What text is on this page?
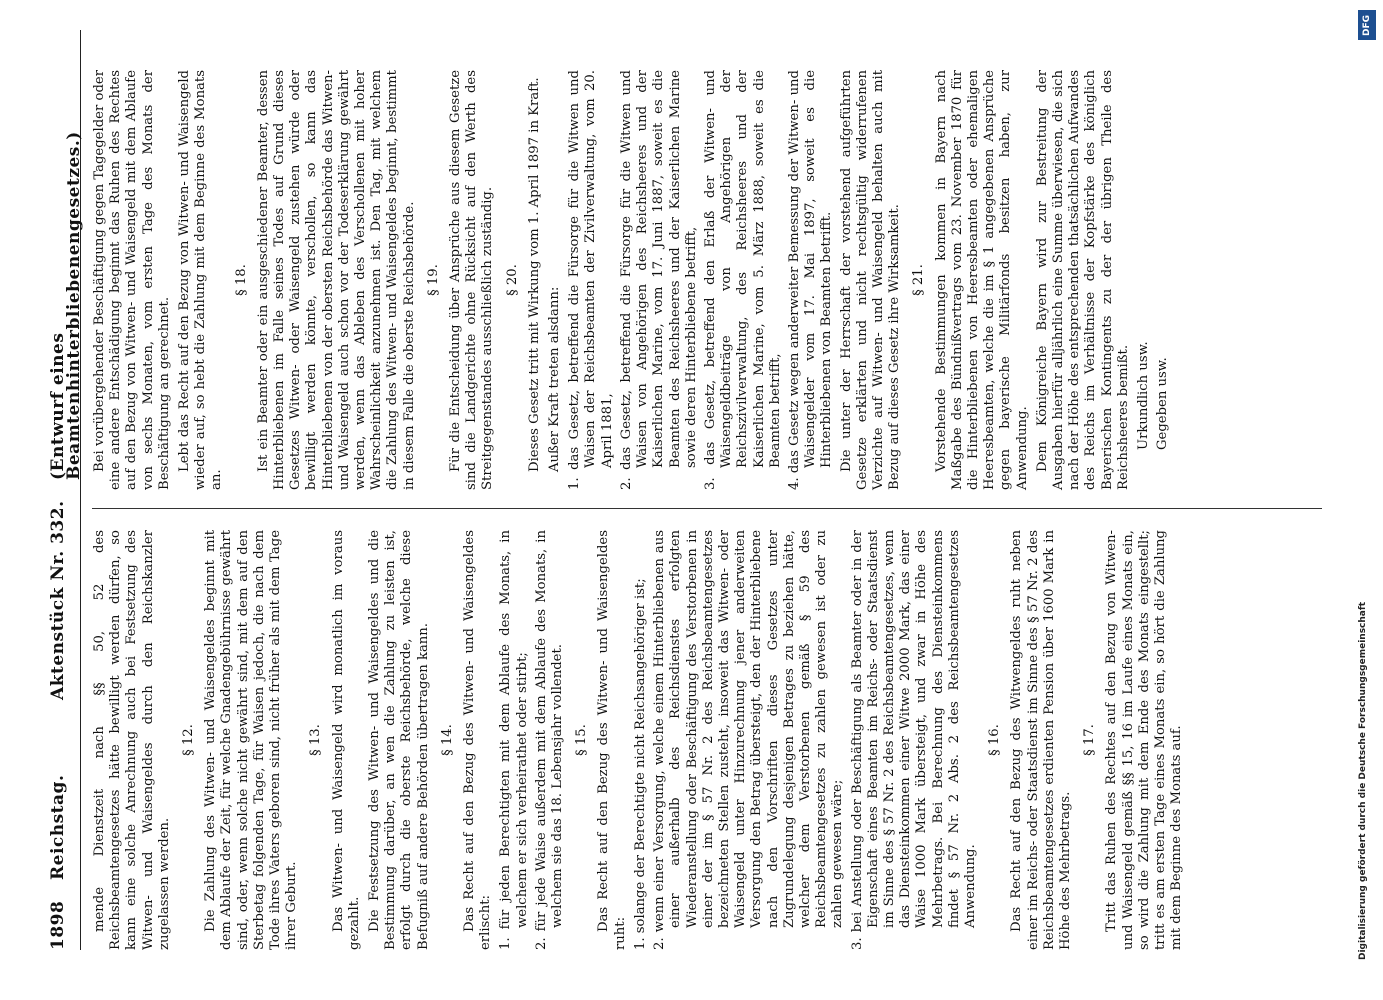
1898
Reichstag.
Aktenstück Nr. 332.
(Entwurf eines Beamtenhinterbliebenengesetzes.)
mende Dienstzeit nach §§ 50, 52 des Reichsbeamtengesetzes hätte bewilligt werden dürfen, so kann eine solche Anrechnung auch bei Festsetzung des Witwen- und Waisengeldes durch den Reichskanzler zugelassen werden.
§ 12. Die Zahlung des Witwen- und Waisengeldes beginnt mit dem Ablaufe der Zeit, für welche Gnadengebührnisse gewährt sind, oder, wenn solche nicht gewährt sind, mit dem auf den Sterbetag folgenden Tage, für Waisen jedoch, die nach dem Tode ihres Vaters geboren sind, nicht früher als mit dem Tage ihrer Geburt.
§ 13. Das Witwen- und Waisengeld wird monatlich im voraus gezahlt. Die Festsetzung des Witwen- und Waisengeldes und die Bestimmung darüber, an wen die Zahlung zu leisten ist, erfolgt durch die oberste Reichsbehörde, welche diese Befugniß auf andere Behörden übertragen kann. § 14. Das Recht auf den Bezug des Witwen- und Waisengeldes erlischt: 1. für jeden Berechtigten mit dem Ablaufe des Monats, in welchem er sich verheirathet oder stirbt; 2. für jede Waise außerdem mit dem Ablaufe des Monats, in welchem sie das 18. Lebensjahr vollendet. § 15. Das Recht auf den Bezug des Witwen- und Waisengeldes ruht: 1. solange der Berechtigte nicht Reichsangehöriger ist; 2. wenn einer Versorgung, welche einem Hinterbliebenen aus einer außerhalb des Reichsdienstes erfolgten Wiederanstellung oder Beschäftigung des Verstorbenen in einer der im § 57 Nr. 2 des Reichsbeamtengesetzes bezeichneten Stellen zusteht, insoweit das Witwen- oder Waisengeld unter Hinzurechnung jener anderweiten Versorgung den Betrag übersteigt, den der Hinterbliebene nach den Vorschriften dieses Gesetzes unter Zugrundelegung desjenigen Betrages zu beziehen hätte, welcher dem Verstorbenen gemäß § 59 des Reichsbeamtengesetzes zu zahlen gewesen ist oder zu zahlen gewesen wäre; 3. bei Anstellung oder Beschäftigung als Beamter oder in der Eigenschaft eines Beamten im Reichs- oder Staatsdienst im Sinne des § 57 Nr. 2 des Reichsbeamtengesetzes, wenn das Diensteinkommen einer Witwe 2000 Mark, das einer Waise 1000 Mark übersteigt, und zwar in Höhe des Mehrbetrags. Bei Berechnung des Diensteinkommens findet § 57 Nr. 2 Abs. 2 des Reichsbeamtengesetzes Anwendung.
§ 16. Das Recht auf den Bezug des Witwengeldes ruht neben einer im Reichs- oder Staatsdienst im Sinne des § 57 Nr. 2 des Reichsbeamtengesetzes erdienten Pension über 1600 Mark in Höhe des Mehrbetrags.
§ 17. Tritt das Ruhen des Rechtes auf den Bezug von Witwen- und Waisengeld gemäß §§ 15, 16 im Laufe eines Monats ein, so wird die Zahlung mit dem Ende des Monats eingestellt; tritt es am ersten Tage eines Monats ein, so hört die Zahlung mit dem Beginne des Monats auf.
Bei vorübergehender Beschäftigung gegen Tagegelder oder eine andere Entschädigung beginnt das Ruhen des Rechtes auf den Bezug von Witwen- und Waisengeld mit dem Ablaufe von sechs Monaten, vom ersten Tage des Monats der Beschäftigung an gerechnet. Lebt das Recht auf den Bezug von Witwen- und Waisengeld wieder auf, so hebt die Zahlung mit dem Beginne des Monats an.
§ 18. Ist ein Beamter oder ein ausgeschiedener Beamter, dessen Hinterbliebenen im Falle seines Todes auf Grund dieses Gesetzes Witwen- oder Waisengeld zustehen würde oder bewilligt werden könnte, verschollen, so kann das Hinterbliebenen von der obersten Reichsbehörde das Witwen- und Waisengeld auch schon vor der Todeserklärung gewährt werden, wenn das Ableben des Verschollenen mit hoher Wahrscheinlichkeit anzunehmen ist. Den Tag, mit welchem die Zahlung des Witwen- und Waisengeldes beginnt, bestimmt in diesem Falle die oberste Reichsbehörde. § 19. Für die Entscheidung über Ansprüche aus diesem Gesetze sind die Landgerichte ohne Rücksicht auf den Werth des Streitgegenstandes ausschließlich zuständig. § 20. Dieses Gesetz tritt mit Wirkung vom 1. April 1897 in Kraft. Außer Kraft treten alsdann: 1. das Gesetz, betreffend die Fürsorge für die Witwen und Waisen der Reichsbeamten der Zivilverwaltung, vom 20. April 1881, 2. das Gesetz, betreffend die Fürsorge für die Witwen und Waisen von Angehörigen des Reichsheeres und der Kaiserlichen Marine, vom 17. Juni 1887, soweit es die Beamten des Reichsheeres und der Kaiserlichen Marine sowie deren Hinterbliebene betrifft, 3. das Gesetz, betreffend den Erlaß der Witwen- und Waisengeldbeiträge von Angehörigen der Reichszivilverwaltung, des Reichsheeres und der Kaiserlichen Marine, vom 5. März 1888, soweit es die Beamten betrifft, 4. das Gesetz wegen anderweiter Bemessung der Witwen- und Waisengelder vom 17. Mai 1897, soweit es die Hinterbliebenen von Beamten betrifft. Die unter der Herrschaft der vorstehend aufgeführten Gesetze erklärten und nicht rechtsgültig widerrufenen Verzichte auf Witwen- und Waisengeld behalten auch mit Bezug auf dieses Gesetz ihre Wirksamkeit. § 21. Vorstehende Bestimmungen kommen in Bayern nach Maßgabe des Bündnißvertrags vom 23. November 1870 für die Hinterbliebenen von Heeresbeamten oder ehemaligen Heeresbeamten, welche die im § 1 angegebenen Ansprüche gegen bayerische Militärfonds besitzen haben, zur Anwendung. Dem Königreiche Bayern wird zur Bestreitung der Ausgaben hierfür alljährlich eine Summe überwiesen, die sich nach der Höhe des entsprechenden thatsächlichen Aufwandes des Reichs im Verhältnisse der Kopfstärke des königlich Bayerischen Kontingents zu der der übrigen Theile des Reichsheeres bemißt. Urkundlich usw. Gegeben usw.
DFG
Digitalisierung gefördert durch die Deutsche Forschungsgemeinschaft
